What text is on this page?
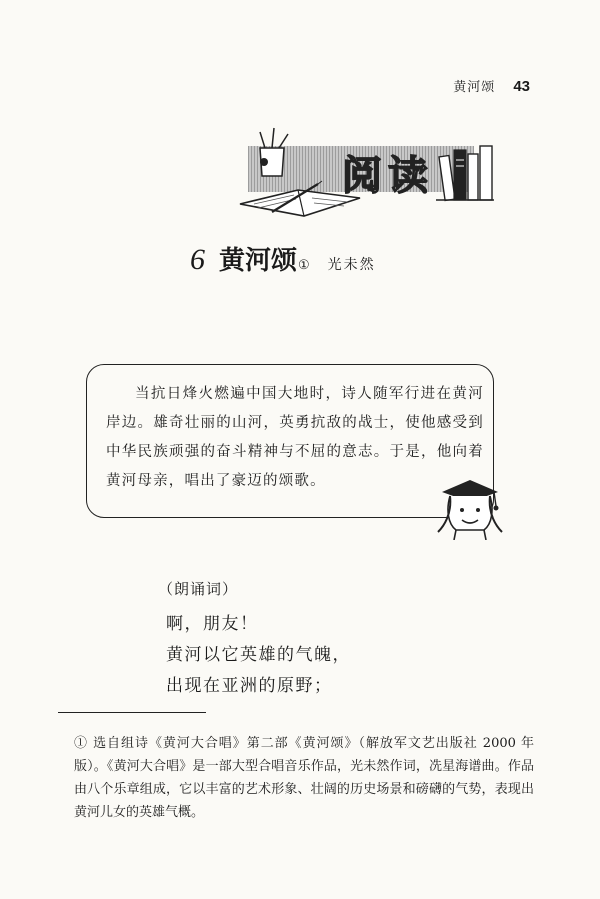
黄河颂 43
阅读
6 黄河颂 ① 光未然
当抗日烽火燃遍中国大地时，诗人随军行进在黄河岸边。雄奇壮丽的山河，英勇抗敌的战士，使他感受到中华民族顽强的奋斗精神与不屈的意志。于是，他向着黄河母亲，唱出了豪迈的颂歌。
（朗诵词）
啊，朋友！
黄河以它英雄的气魄，
出现在亚洲的原野；
① 选自组诗《黄河大合唱》第二部《黄河颂》（解放军文艺出版社 2000 年版）。《黄河大合唱》是一部大型合唱音乐作品，光未然作词，冼星海谱曲。作品由八个乐章组成，它以丰富的艺术形象、壮阔的历史场景和磅礴的气势，表现出黄河儿女的英雄气概。
